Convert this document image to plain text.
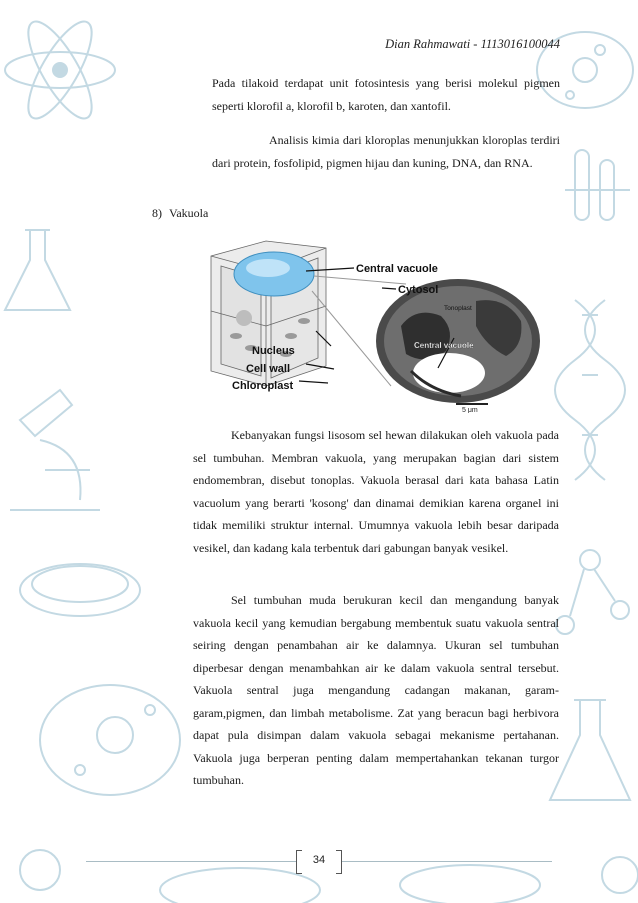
Dian Rahmawati - 1113016100044

Pada tilakoid terdapat unit fotosintesis yang berisi molekul pigmen seperti klorofil a, klorofil b, karoten, dan xantofil.

Analisis kimia dari kloroplas menunjukkan kloroplas terdiri dari protein, fosfolipid, pigmen hijau dan kuning, DNA, dan RNA.

8) Vakuola
5 μm
Central vacuole
Cytosol
Tonoplast
Central vacuole
Nucleus
Cell wall
Chloroplast

Kebanyakan fungsi lisosom sel hewan dilakukan oleh vakuola pada sel tumbuhan. Membran vakuola, yang merupakan bagian dari sistem endomembran, disebut tonoplas. Vakuola berasal dari kata bahasa Latin vacuolum yang berarti 'kosong' dan dinamai demikian karena organel ini tidak memiliki struktur internal. Umumnya vakuola lebih besar daripada vesikel, dan kadang kala terbentuk dari gabungan banyak vesikel.

Sel tumbuhan muda berukuran kecil dan mengandung banyak vakuola kecil yang kemudian bergabung membentuk suatu vakuola sentral seiring dengan penambahan air ke dalamnya. Ukuran sel tumbuhan diperbesar dengan menambahkan air ke dalam vakuola sentral tersebut. Vakuola sentral juga mengandung cadangan makanan, garam-garam,pigmen, dan limbah metabolisme. Zat yang beracun bagi herbivora dapat pula disimpan dalam vakuola sebagai mekanisme pertahanan. Vakuola juga berperan penting dalam mempertahankan tekanan turgor tumbuhan.

34
